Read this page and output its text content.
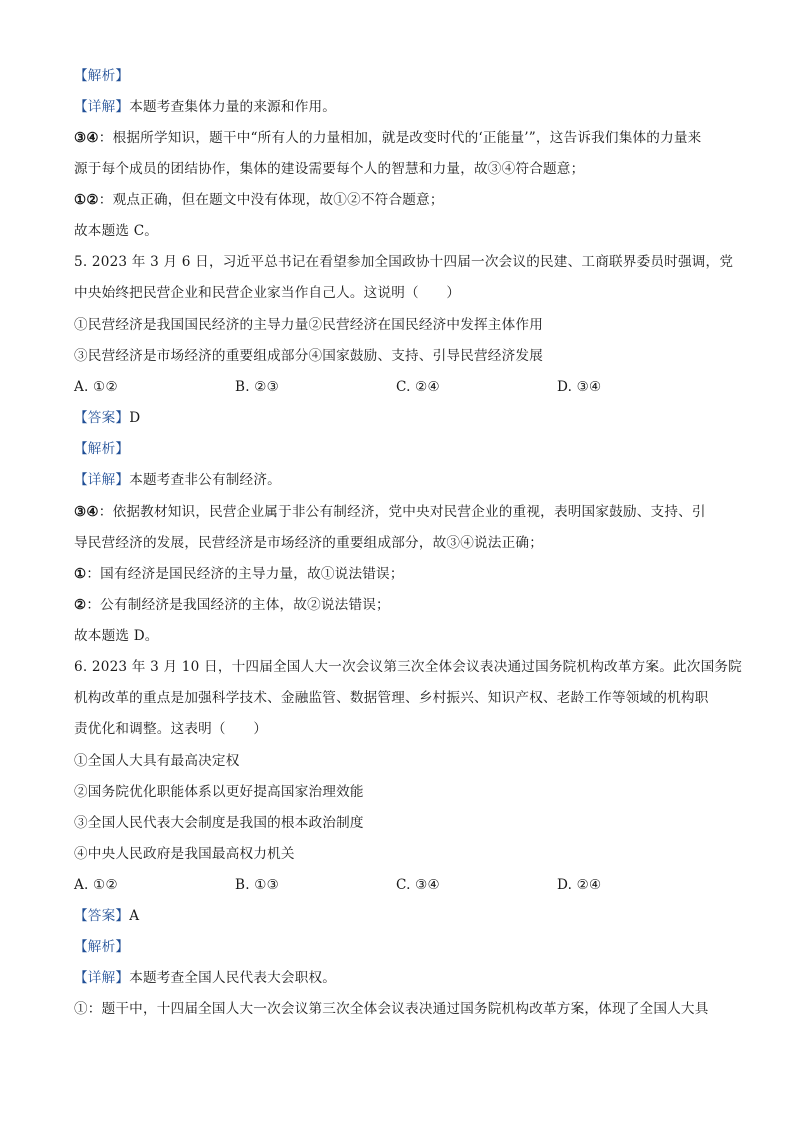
【解析】
【详解】本题考查集体力量的来源和作用。
③④：根据所学知识，题干中“所有人的力量相加，就是改变时代的‘正能量’”，这告诉我们集体的力量来
源于每个成员的团结协作，集体的建设需要每个人的智慧和力量，故③④符合题意；
①②：观点正确，但在题文中没有体现，故①②不符合题意；
故本题选 C。
5. 2023 年 3 月 6 日，习近平总书记在看望参加全国政协十四届一次会议的民建、工商联界委员时强调，党
中央始终把民营企业和民营企业家当作自己人。这说明（　　）
①民营经济是我国国民经济的主导力量②民营经济在国民经济中发挥主体作用
③民营经济是市场经济的重要组成部分④国家鼓励、支持、引导民营经济发展
A. ①②	B. ②③	C. ②④	D. ③④
【答案】D
【解析】
【详解】本题考查非公有制经济。
③④：依据教材知识，民营企业属于非公有制经济，党中央对民营企业的重视，表明国家鼓励、支持、引
导民营经济的发展，民营经济是市场经济的重要组成部分，故③④说法正确；
①：国有经济是国民经济的主导力量，故①说法错误；
②：公有制经济是我国经济的主体，故②说法错误；
故本题选 D。
6. 2023 年 3 月 10 日，十四届全国人大一次会议第三次全体会议表决通过国务院机构改革方案。此次国务院
机构改革的重点是加强科学技术、金融监管、数据管理、乡村振兴、知识产权、老龄工作等领域的机构职
责优化和调整。这表明（　　）
①全国人大具有最高决定权
②国务院优化职能体系以更好提高国家治理效能
③全国人民代表大会制度是我国的根本政治制度
④中央人民政府是我国最高权力机关
A. ①②	B. ①③	C. ③④	D. ②④
【答案】A
【解析】
【详解】本题考查全国人民代表大会职权。
①：题干中，十四届全国人大一次会议第三次全体会议表决通过国务院机构改革方案，体现了全国人大具
